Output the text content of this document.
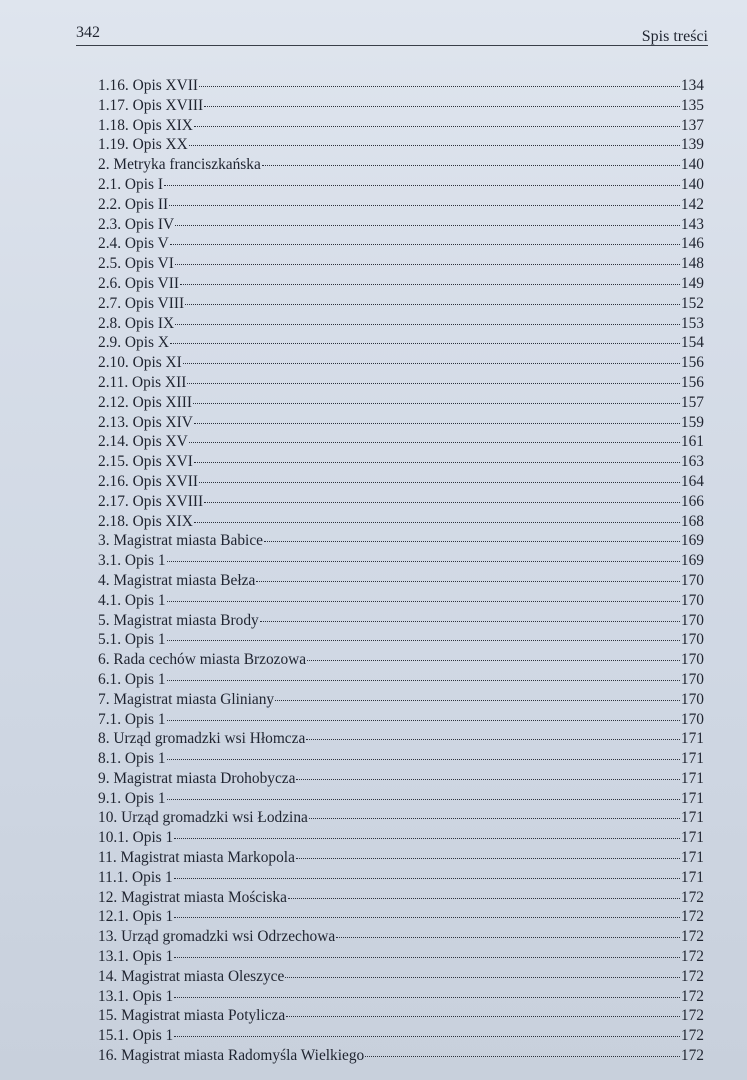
342	Spis treści
1.16. Opis XVII	134
1.17. Opis XVIII	135
1.18. Opis XIX	137
1.19. Opis XX	139
2. Metryka franciszkańska	140
2.1. Opis I	140
2.2. Opis II	142
2.3. Opis IV	143
2.4. Opis V	146
2.5. Opis VI	148
2.6. Opis VII	149
2.7. Opis VIII	152
2.8. Opis IX	153
2.9. Opis X	154
2.10. Opis XI	156
2.11. Opis XII	156
2.12. Opis XIII	157
2.13. Opis XIV	159
2.14. Opis XV	161
2.15. Opis XVI	163
2.16. Opis XVII	164
2.17. Opis XVIII	166
2.18. Opis XIX	168
3. Magistrat miasta Babice	169
3.1. Opis 1	169
4. Magistrat miasta Bełza	170
4.1. Opis 1	170
5. Magistrat miasta Brody	170
5.1. Opis 1	170
6. Rada cechów miasta Brzozowa	170
6.1. Opis 1	170
7. Magistrat miasta Gliniany	170
7.1. Opis 1	170
8. Urząd gromadzki wsi Hłomcza	171
8.1. Opis 1	171
9. Magistrat miasta Drohobycza	171
9.1. Opis 1	171
10. Urząd gromadzki wsi Łodzina	171
10.1. Opis 1	171
11. Magistrat miasta Markopola	171
11.1. Opis 1	171
12. Magistrat miasta Mościska	172
12.1. Opis 1	172
13. Urząd gromadzki wsi Odrzechowa	172
13.1. Opis 1	172
14. Magistrat miasta Oleszyce	172
13.1. Opis 1	172
15. Magistrat miasta Potylicza	172
15.1. Opis 1	172
16. Magistrat miasta Radomyśla Wielkiego	172
